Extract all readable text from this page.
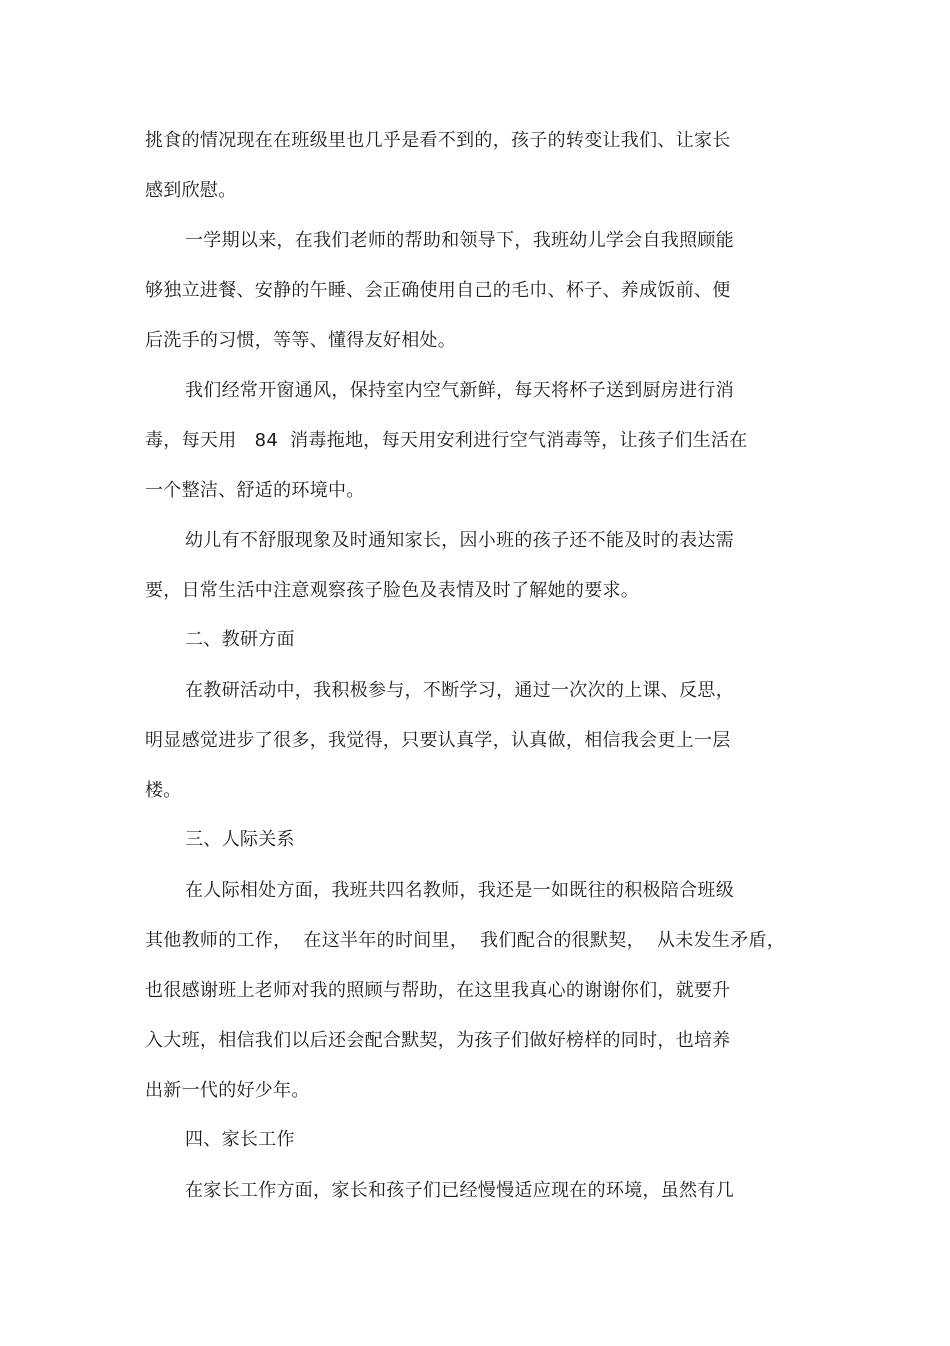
挑食的情况现在在班级里也几乎是看不到的，孩子的转变让我们、让家长
感到欣慰。
一学期以来，在我们老师的帮助和领导下，我班幼儿学会自我照顾能
够独立进餐、安静的午睡、会正确使用自己的毛巾、杯子、养成饭前、便
后洗手的习惯，等等、懂得友好相处。
我们经常开窗通风，保持室内空气新鲜，每天将杯子送到厨房进行消
毒，每天用   84  消毒拖地，每天用安利进行空气消毒等，让孩子们生活在
一个整洁、舒适的环境中。
幼儿有不舒服现象及时通知家长，因小班的孩子还不能及时的表达需
要，日常生活中注意观察孩子脸色及表情及时了解她的要求。
二、教研方面
在教研活动中，我积极参与，不断学习，通过一次次的上课、反思，
明显感觉进步了很多，我觉得，只要认真学，认真做，相信我会更上一层
楼。
三、人际关系
在人际相处方面，我班共四名教师，我还是一如既往的积极陪合班级
其他教师的工作，  在这半年的时间里，  我们配合的很默契，  从未发生矛盾，
也很感谢班上老师对我的照顾与帮助，在这里我真心的谢谢你们，就要升
入大班，相信我们以后还会配合默契，为孩子们做好榜样的同时，也培养
出新一代的好少年。
四、家长工作
在家长工作方面，家长和孩子们已经慢慢适应现在的环境，虽然有几
